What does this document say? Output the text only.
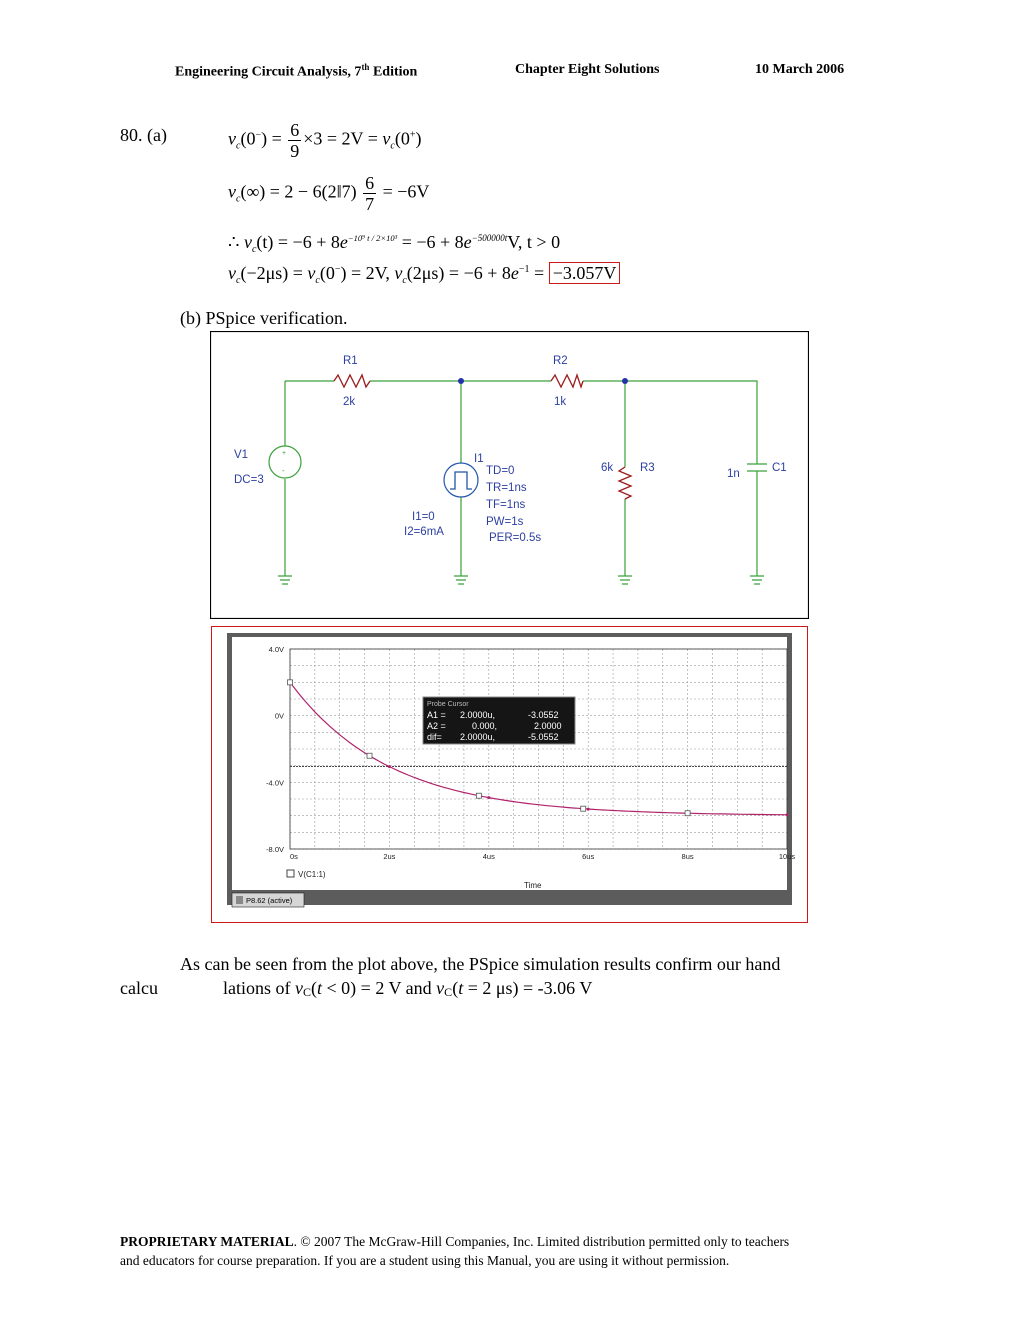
Engineering Circuit Analysis, 7th Edition	Chapter Eight Solutions	10 March 2006
80. (a)	$v_c(0^-) = \frac{6}{9} \times 3 = 2V = v_c(0^+)$
$v_c(\infty) = 2$ − 6(2‖7) $\frac{6}{7} = -6V$
∴ $v_c(t) = -6 + 8e^{-10^9 t / 2\times 10^3} = -6 + 8e^{-500000t}V$, t > 0
$v_c(-2\mu s) = v_c(0^-) = 2V$, $v_c(2\mu s) = -6 + 8e^{-1} = -3.057V$
(b) PSpice verification.
+
-
R1
2k
R2
1k
V1
DC=3
I1
TD=0
TR=1ns
TF=1ns
PW=1s
PER=0.5s
I1=0
I2=6mA
6k R3	1n	C1
4.0V
0V
-4.0V
-8.0V
0s	2us	4us	6us	8us	10us
Probe Cursor
A1 = 2.0000u,	-3.0552
A2 =	0.000,	2.0000
dif= 2.0000u,	-5.0552
V(C1:1)
Time
P8.62 (active)
As can be seen from the plot above, the PSpice simulation results confirm our hand
calcu	lations of vC(t < 0) = 2 V and vC(t = 2 μs) = -3.06 V
PROPRIETARY MATERIAL. © 2007 The McGraw-Hill Companies, Inc. Limited distribution permitted only to teachers
and educators for course preparation. If you are a student using this Manual, you are using it without permission.
